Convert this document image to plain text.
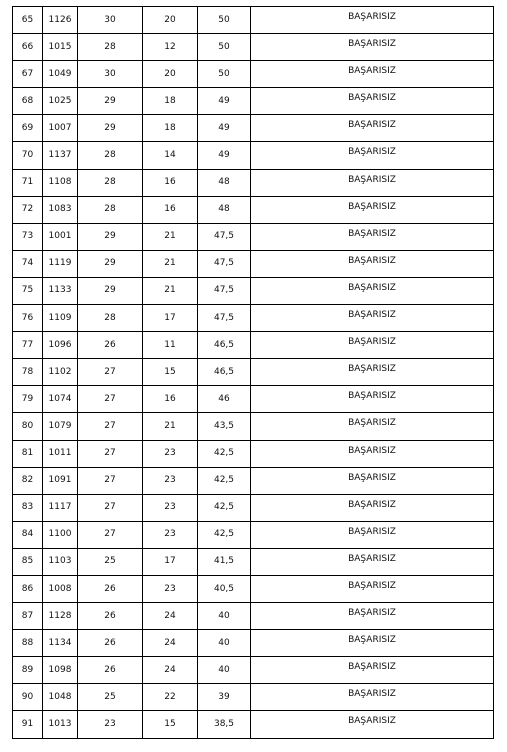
65	1126	30	20	50	BAŞARISIZ
66	1015	28	12	50	BAŞARISIZ
67	1049	30	20	50	BAŞARISIZ
68	1025	29	18	49	BAŞARISIZ
69	1007	29	18	49	BAŞARISIZ
70	1137	28	14	49	BAŞARISIZ
71	1108	28	16	48	BAŞARISIZ
72	1083	28	16	48	BAŞARISIZ
73	1001	29	21	47,5	BAŞARISIZ
74	1119	29	21	47,5	BAŞARISIZ
75	1133	29	21	47,5	BAŞARISIZ
76	1109	28	17	47,5	BAŞARISIZ
77	1096	26	11	46,5	BAŞARISIZ
78	1102	27	15	46,5	BAŞARISIZ
79	1074	27	16	46	BAŞARISIZ
80	1079	27	21	43,5	BAŞARISIZ
81	1011	27	23	42,5	BAŞARISIZ
82	1091	27	23	42,5	BAŞARISIZ
83	1117	27	23	42,5	BAŞARISIZ
84	1100	27	23	42,5	BAŞARISIZ
85	1103	25	17	41,5	BAŞARISIZ
86	1008	26	23	40,5	BAŞARISIZ
87	1128	26	24	40	BAŞARISIZ
88	1134	26	24	40	BAŞARISIZ
89	1098	26	24	40	BAŞARISIZ
90	1048	25	22	39	BAŞARISIZ
91	1013	23	15	38,5	BAŞARISIZ
